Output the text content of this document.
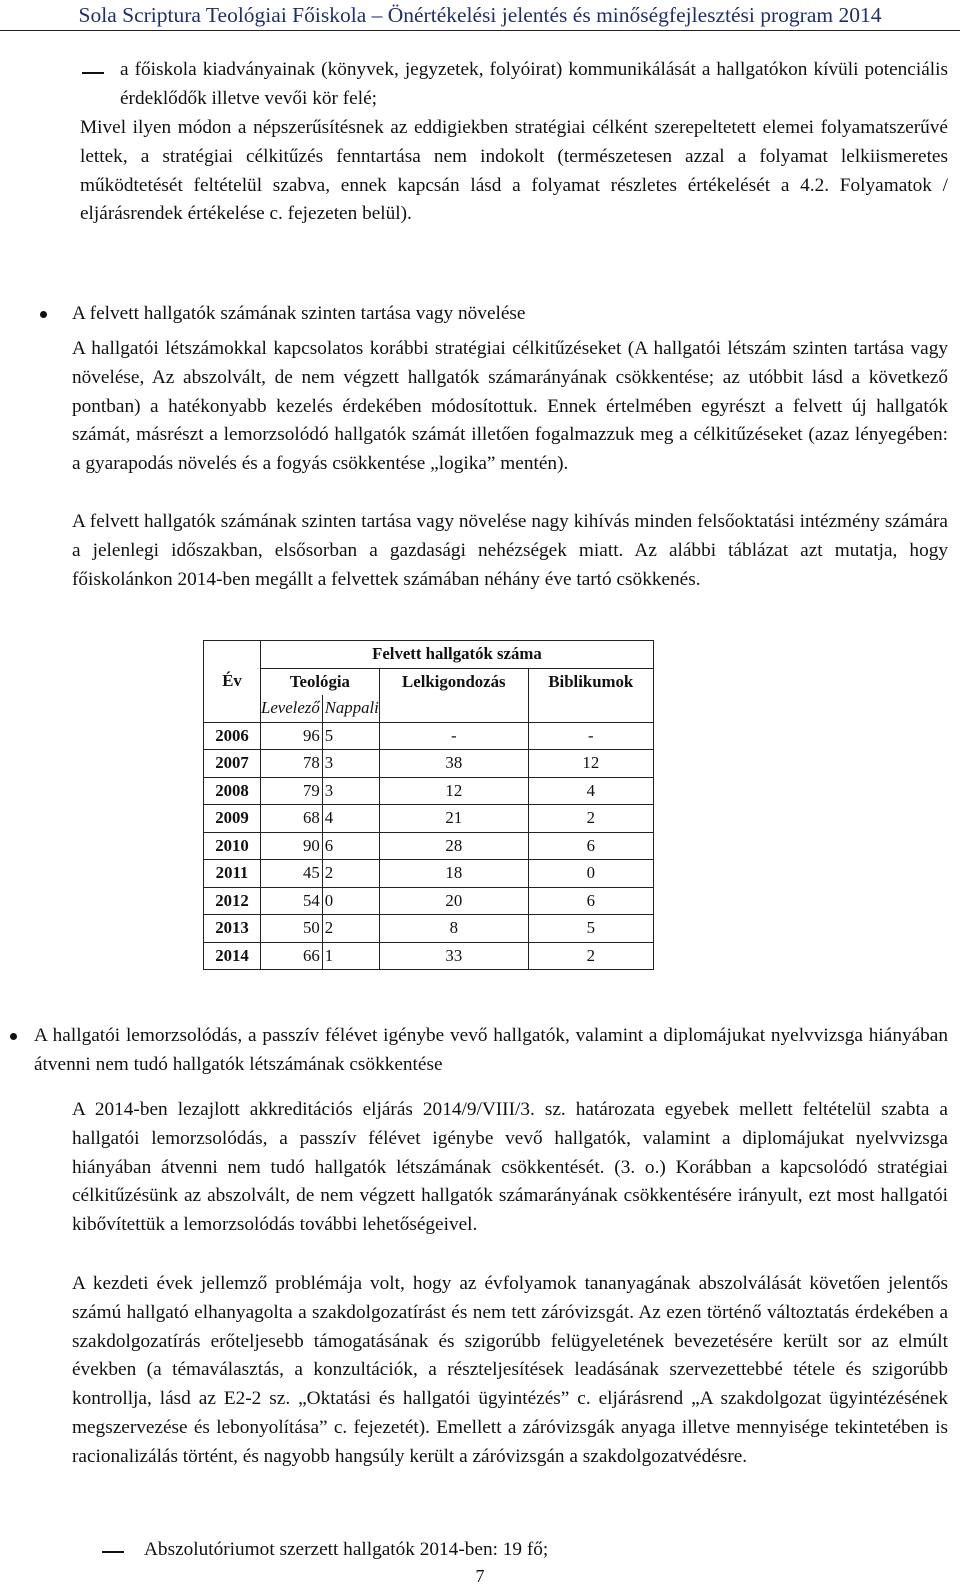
Sola Scriptura Teológiai Főiskola – Önértékelési jelentés és minőségfejlesztési program 2014

a főiskola kiadványainak (könyvek, jegyzetek, folyóirat) kommunikálását a hallgatókon kívüli potenciális érdeklődők illetve vevői kör felé;

Mivel ilyen módon a népszerűsítésnek az eddigiekben stratégiai célként szerepeltetett elemei folyamatszerűvé lettek, a stratégiai célkitűzés fenntartása nem indokolt (természetesen azzal a folyamat lelkiismeretes működtetését feltételül szabva, ennek kapcsán lásd a folyamat részletes értékelését a 4.2. Folyamatok / eljárásrendek értékelése c. fejezeten belül).

A felvett hallgatók számának szinten tartása vagy növelése

A hallgatói létszámokkal kapcsolatos korábbi stratégiai célkitűzéseket (A hallgatói létszám szinten tartása vagy növelése, Az abszolvált, de nem végzett hallgatók számarányának csökkentése; az utóbbit lásd a következő pontban) a hatékonyabb kezelés érdekében módosítottuk. Ennek értelmében egyrészt a felvett új hallgatók számát, másrészt a lemorzsolódó hallgatók számát illetően fogalmazzuk meg a célkitűzéseket (azaz lényegében: a gyarapodás növelés és a fogyás csökkentése „logika” mentén).

A felvett hallgatók számának szinten tartása vagy növelése nagy kihívás minden felsőoktatási intézmény számára a jelenlegi időszakban, elsősorban a gazdasági nehézségek miatt. Az alábbi táblázat azt mutatja, hogy főiskolánkon 2014-ben megállt a felvettek számában néhány éve tartó csökkenés.

Év	Felvett hallgatók száma			
	Teológia		Lelkigondozás	Biblikumok
	Levelező	Nappali		
2006	96	5	-	-
2007	78	3	38	12
2008	79	3	12	4
2009	68	4	21	2
2010	90	6	28	6
2011	45	2	18	0
2012	54	0	20	6
2013	50	2	8	5
2014	66	1	33	2

A hallgatói lemorzsolódás, a passzív félévet igénybe vevő hallgatók, valamint a diplomájukat nyelvvizsga hiányában átvenni nem tudó hallgatók létszámának csökkentése

A 2014-ben lezajlott akkreditációs eljárás 2014/9/VIII/3. sz. határozata egyebek mellett feltételül szabta a hallgatói lemorzsolódás, a passzív félévet igénybe vevő hallgatók, valamint a diplomájukat nyelvvizsga hiányában átvenni nem tudó hallgatók létszámának csökkentését. (3. o.) Korábban a kapcsolódó stratégiai célkitűzésünk az abszolvált, de nem végzett hallgatók számarányának csökkentésére irányult, ezt most hallgatói kibővítettük a lemorzsolódás további lehetőségeivel.

A kezdeti évek jellemző problémája volt, hogy az évfolyamok tananyagának abszolválását követően jelentős számú hallgató elhanyagolta a szakdolgozatírást és nem tett záróvizsgát. Az ezen történő változtatás érdekében a szakdolgozatírás erőteljesebb támogatásának és szigorúbb felügyeletének bevezetésére került sor az elmúlt években (a témaválasztás, a konzultációk, a részteljesítések leadásának szervezettebbé tétele és szigorúbb kontrollja, lásd az E2-2 sz. „Oktatási és hallgatói ügyintézés” c. eljárásrend „A szakdolgozat ügyintézésének megszervezése és lebonyolítása” c. fejezetét). Emellett a záróvizsgák anyaga illetve mennyisége tekintetében is racionalizálás történt, és nagyobb hangsúly került a záróvizsgán a szakdolgozatvédésre.

Abszolutóriumot szerzett hallgatók 2014-ben: 19 fő;

7
